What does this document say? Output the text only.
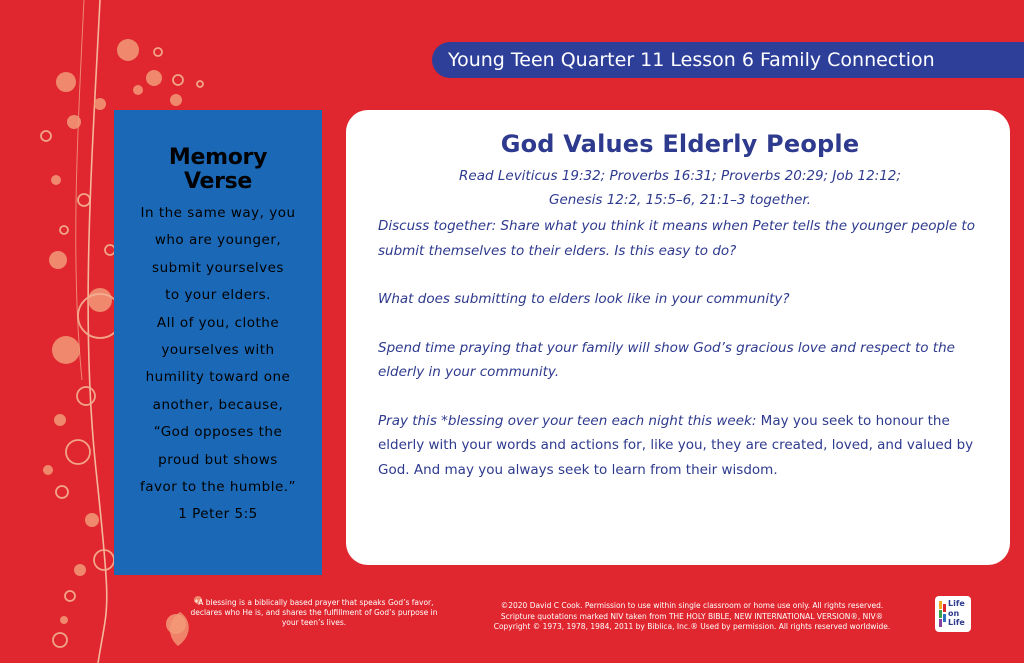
Young Teen Quarter 11 Lesson 6 Family Connection
Memory
Verse

In the same way, you
who are younger,
submit yourselves
to your elders.
All of you, clothe
yourselves with
humility toward one
another, because,
“God opposes the
proud but shows
favor to the humble.”

1 Peter 5:5

God Values Elderly People

Read Leviticus 19:32; Proverbs 16:31; Proverbs 20:29; Job 12:12;
Genesis 12:2, 15:5–6, 21:1–3 together.

Discuss together: Share what you think it means when Peter tells the younger people to submit themselves to their elders. Is this easy to do?

What does submitting to elders look like in your community?

Spend time praying that your family will show God’s gracious love and respect to the elderly in your community.

Pray this *blessing over your teen each night this week: May you seek to honour the elderly with your words and actions for, like you, they are created, loved, and valued by God. And may you always seek to learn from their wisdom.

*A blessing is a biblically based prayer that speaks God’s favor, declares who He is, and shares the fulfillment of God’s purpose in your teen’s lives.
©2020 David C Cook. Permission to use within single classroom or home use only. All rights reserved.
Scripture quotations marked NIV taken from THE HOLY BIBLE, NEW INTERNATIONAL VERSION®, NIV®
Copyright © 1973, 1978, 1984, 2011 by Biblica, Inc.® Used by permission. All rights reserved worldwide.
Life
on
Life
